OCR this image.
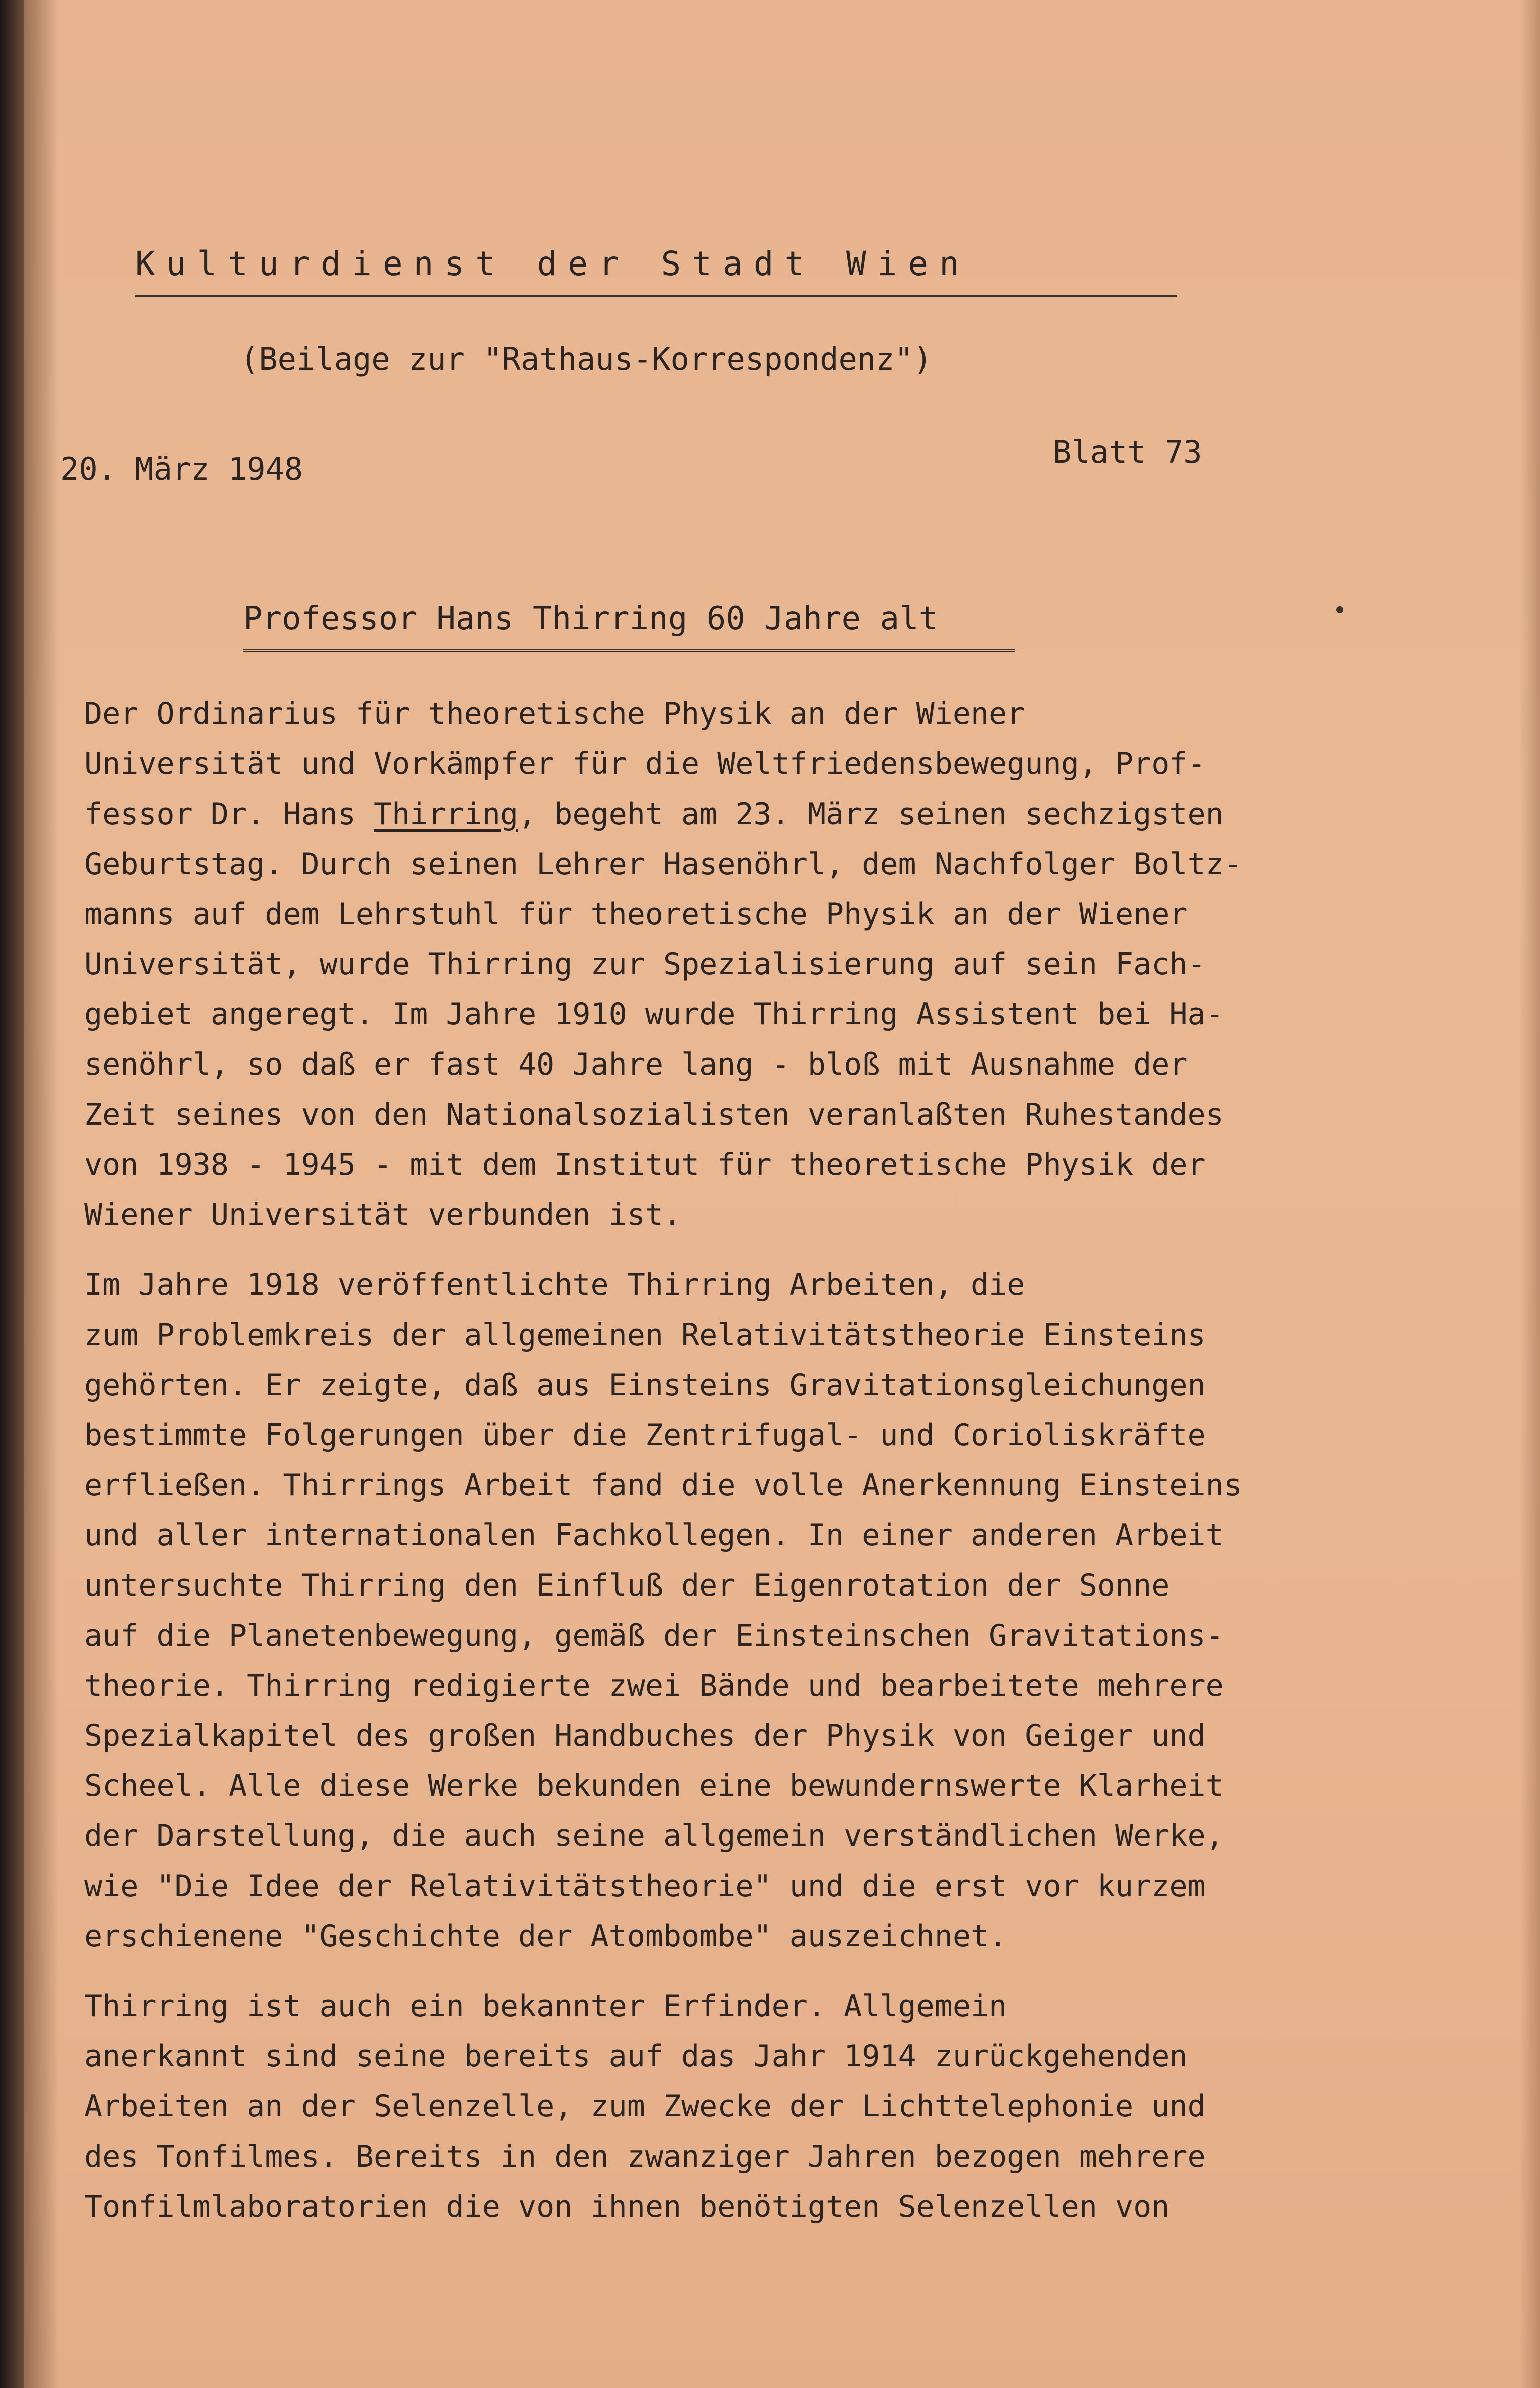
Kulturdienst der Stadt Wien
(Beilage zur "Rathaus-Korrespondenz")
20. März 1948	Blatt 73
Professor Hans Thirring 60 Jahre alt
Der Ordinarius für theoretische Physik an der Wiener
Universität und Vorkämpfer für die Weltfriedensbewegung, Prof-
fessor Dr. Hans Thirring, begeht am 23. März seinen sechzigsten
Geburtstag. Durch seinen Lehrer Hasenöhrl, dem Nachfolger Boltz-
manns auf dem Lehrstuhl für theoretische Physik an der Wiener
Universität, wurde Thirring zur Spezialisierung auf sein Fach-
gebiet angeregt. Im Jahre 1910 wurde Thirring Assistent bei Ha-
senöhrl, so daß er fast 40 Jahre lang - bloß mit Ausnahme der
Zeit seines von den Nationalsozialisten veranlaßten Ruhestandes
von 1938 - 1945 - mit dem Institut für theoretische Physik der
Wiener Universität verbunden ist.
Im Jahre 1918 veröffentlichte Thirring Arbeiten, die
zum Problemkreis der allgemeinen Relativitätstheorie Einsteins
gehörten. Er zeigte, daß aus Einsteins Gravitationsgleichungen
bestimmte Folgerungen über die Zentrifugal- und Corioliskräfte
erfließen. Thirrings Arbeit fand die volle Anerkennung Einsteins
und aller internationalen Fachkollegen. In einer anderen Arbeit
untersuchte Thirring den Einfluß der Eigenrotation der Sonne
auf die Planetenbewegung, gemäß der Einsteinschen Gravitations-
theorie. Thirring redigierte zwei Bände und bearbeitete mehrere
Spezialkapitel des großen Handbuches der Physik von Geiger und
Scheel. Alle diese Werke bekunden eine bewundernswerte Klarheit
der Darstellung, die auch seine allgemein verständlichen Werke,
wie "Die Idee der Relativitätstheorie" und die erst vor kurzem
erschienene "Geschichte der Atombombe" auszeichnet.
Thirring ist auch ein bekannter Erfinder. Allgemein
anerkannt sind seine bereits auf das Jahr 1914 zurückgehenden
Arbeiten an der Selenzelle, zum Zwecke der Lichttelephonie und
des Tonfilmes. Bereits in den zwanziger Jahren bezogen mehrere
Tonfilmlaboratorien die von ihnen benötigten Selenzellen von
